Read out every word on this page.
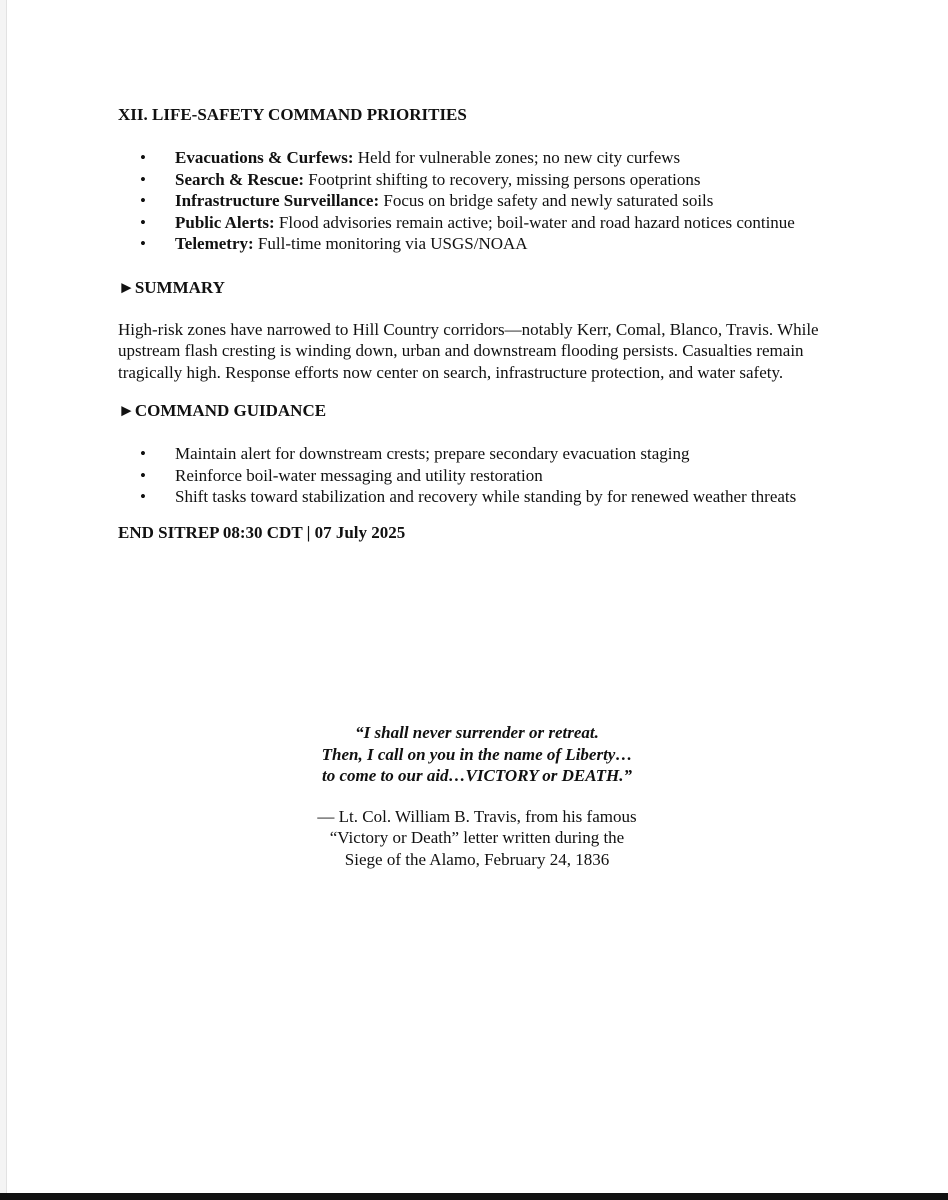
XII. LIFE-SAFETY COMMAND PRIORITIES
• Evacuations & Curfews: Held for vulnerable zones; no new city curfews
• Search & Rescue: Footprint shifting to recovery, missing persons operations
• Infrastructure Surveillance: Focus on bridge safety and newly saturated soils
• Public Alerts: Flood advisories remain active; boil-water and road hazard notices continue
• Telemetry: Full-time monitoring via USGS/NOAA
►SUMMARY

High-risk zones have narrowed to Hill Country corridors—notably Kerr, Comal, Blanco, Travis. While upstream flash cresting is winding down, urban and downstream flooding persists. Casualties remain tragically high. Response efforts now center on search, infrastructure protection, and water safety.

►COMMAND GUIDANCE
• Maintain alert for downstream crests; prepare secondary evacuation staging
• Reinforce boil-water messaging and utility restoration
• Shift tasks toward stabilization and recovery while standing by for renewed weather threats
END SITREP 08:30 CDT | 07 July 2025
“I shall never surrender or retreat.
Then, I call on you in the name of Liberty…
to come to our aid…VICTORY or DEATH.”
— Lt. Col. William B. Travis, from his famous
“Victory or Death” letter written during the
Siege of the Alamo, February 24, 1836
